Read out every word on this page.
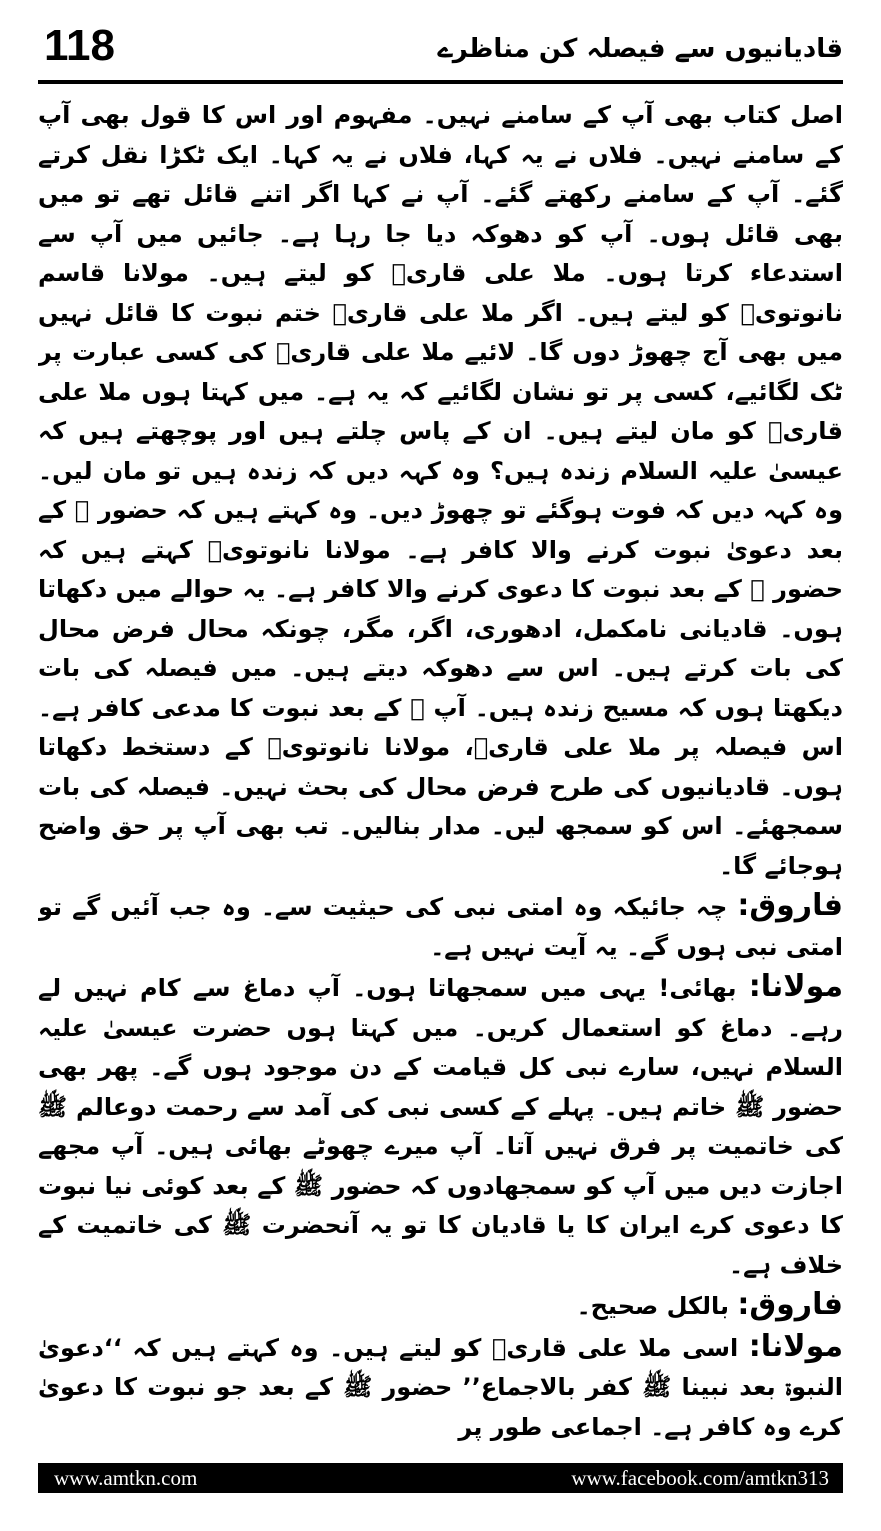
118	قادیانیوں سے فیصلہ کن مناظرے

اصل کتاب بھی آپ کے سامنے نہیں۔ مفہوم اور اس کا قول بھی آپ کے سامنے نہیں۔ فلاں نے یہ کہا، فلاں نے یہ کہا۔ ایک ٹکڑا نقل کرتے گئے۔ آپ کے سامنے رکھتے گئے۔ آپ نے کہا اگر اتنے قائل تھے تو میں بھی قائل ہوں۔ آپ کو دھوکہ دیا جا رہا ہے۔ جائیں میں آپ سے استدعاء کرتا ہوں۔ ملا علی قاریؒ کو لیتے ہیں۔ مولانا قاسم نانوتویؒ کو لیتے ہیں۔ اگر ملا علی قاریؒ ختم نبوت کا قائل نہیں میں بھی آج چھوڑ دوں گا۔ لائیے ملا علی قاریؒ کی کسی عبارت پر ٹک لگائیے، کسی پر تو نشان لگائیے کہ یہ ہے۔ میں کہتا ہوں ملا علی قاریؒ کو مان لیتے ہیں۔ ان کے پاس چلتے ہیں اور پوچھتے ہیں کہ عیسیٰ علیہ السلام زندہ ہیں؟ وہ کہہ دیں کہ زندہ ہیں تو مان لیں۔ وہ کہہ دیں کہ فوت ہوگئے تو چھوڑ دیں۔ وہ کہتے ہیں کہ حضور ﷺ کے بعد دعویٰ نبوت کرنے والا کافر ہے۔ مولانا نانوتویؒ کہتے ہیں کہ حضور ﷺ کے بعد نبوت کا دعوی کرنے والا کافر ہے۔ یہ حوالے میں دکھاتا ہوں۔ قادیانی نامکمل، ادھوری، اگر، مگر، چونکہ محال فرض محال کی بات کرتے ہیں۔ اس سے دھوکہ دیتے ہیں۔ میں فیصلہ کی بات دیکھتا ہوں کہ مسیح زندہ ہیں۔ آپ ﷺ کے بعد نبوت کا مدعی کافر ہے۔ اس فیصلہ پر ملا علی قاریؒ، مولانا نانوتویؒ کے دستخط دکھاتا ہوں۔ قادیانیوں کی طرح فرض محال کی بحث نہیں۔ فیصلہ کی بات سمجھئے۔ اس کو سمجھ لیں۔ مدار بنالیں۔ تب بھی آپ پر حق واضح ہوجائے گا۔

فاروق: چہ جائیکہ وہ امتی نبی کی حیثیت سے۔ وہ جب آئیں گے تو امتی نبی ہوں گے۔ یہ آیت نہیں ہے۔

مولانا: بھائی! یہی میں سمجھاتا ہوں۔ آپ دماغ سے کام نہیں لے رہے۔ دماغ کو استعمال کریں۔ میں کہتا ہوں حضرت عیسیٰ علیہ السلام نہیں، سارے نبی کل قیامت کے دن موجود ہوں گے۔ پھر بھی حضور ﷺ خاتم ہیں۔ پہلے کے کسی نبی کی آمد سے رحمت دوعالم ﷺ کی خاتمیت پر فرق نہیں آتا۔ آپ میرے چھوٹے بھائی ہیں۔ آپ مجھے اجازت دیں میں آپ کو سمجھادوں کہ حضور ﷺ کے بعد کوئی نیا نبوت کا دعوی کرے ایران کا یا قادیان کا تو یہ آنحضرت ﷺ کی خاتمیت کے خلاف ہے۔

فاروق: بالکل صحیح۔

مولانا: اسی ملا علی قاریؒ کو لیتے ہیں۔ وہ کہتے ہیں کہ ‘‘دعویٰ النبوۃ بعد نبینا ﷺ کفر بالاجماع’’ حضور ﷺ کے بعد جو نبوت کا دعویٰ کرے وہ کافر ہے۔ اجماعی طور پر

www.amtkn.com	www.facebook.com/amtkn313
